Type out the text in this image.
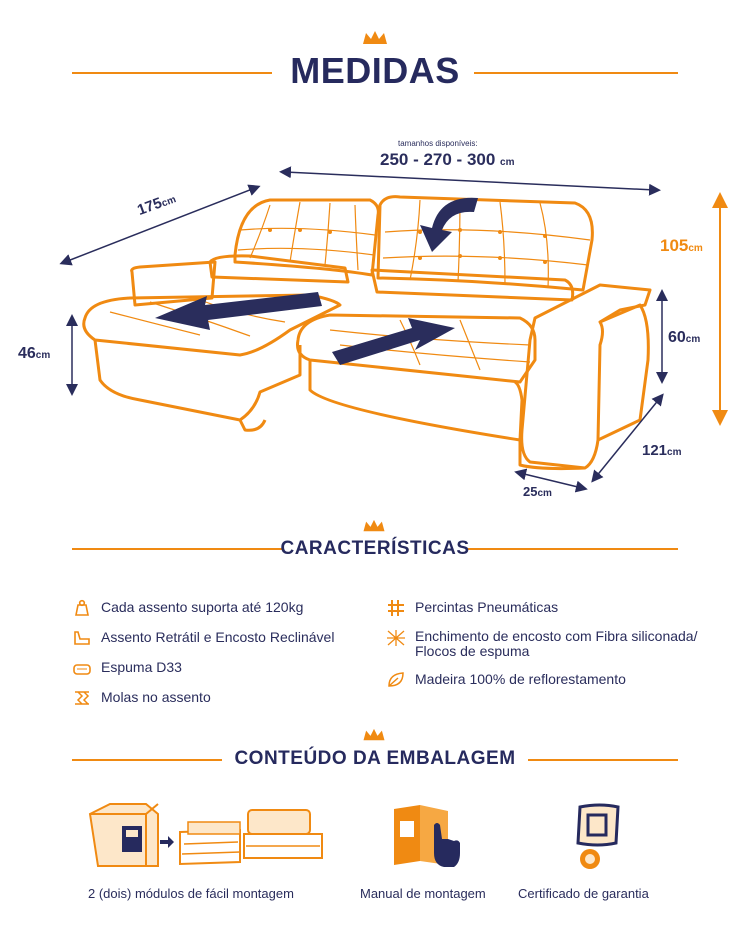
MEDIDAS
tamanhos disponíveis:
250 - 270 - 300 cm
175cm
105cm
46cm
60cm
121cm
25cm
CARACTERÍSTICAS
Cada assento suporta até 120kg
Assento Retrátil e Encosto Reclinável
Espuma D33
Molas no assento
Percintas Pneumáticas
Enchimento de encosto com Fibra siliconada/
Flocos de espuma
Madeira 100% de reflorestamento
CONTEÚDO DA EMBALAGEM
2 (dois) módulos de fácil montagem	Manual de montagem Certificado de garantia
